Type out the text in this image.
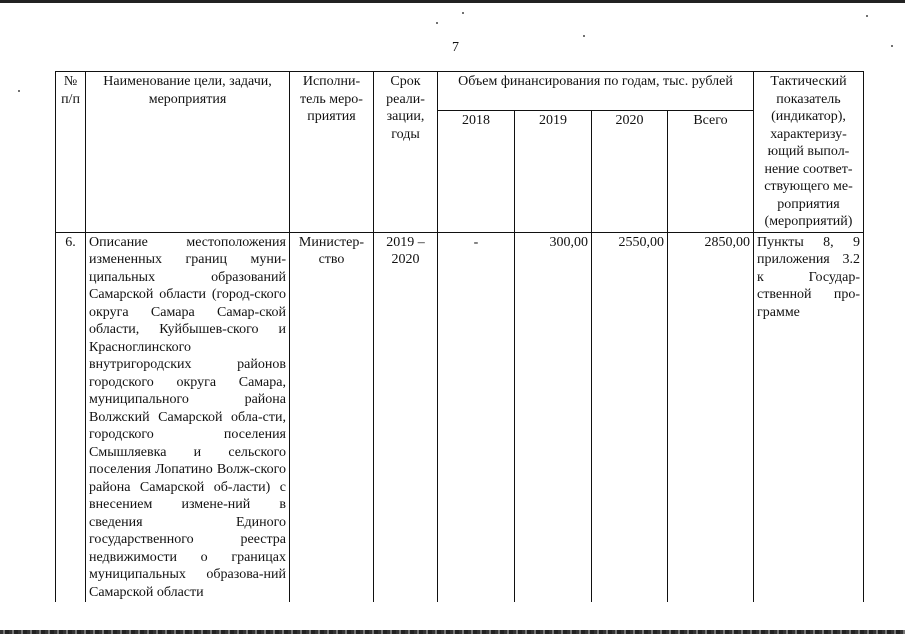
7
№ п/п	Наименование цели, задачи, мероприятия	Исполни-тель меро-приятия	Срок реали-зации, годы	Объем финансирования по годам, тыс. рублей				Тактический показатель (индикатор), характеризу-ющий выпол-нение соответ-ствующего ме-роприятия (мероприятий)
				2018	2019	2020	Всего	
6.	Описание местоположения измененных границ муни-ципальных образований Самарской области (город-ского округа Самара Самар-ской области, Куйбышев-ского и Красноглинского внутригородских районов городского округа Самара, муниципального района Волжский Самарской обла-сти, городского поселения Смышляевка и сельского поселения Лопатино Волж-ского района Самарской об-ласти) с внесением измене-ний в сведения Единого государственного реестра недвижимости о границах муниципальных образова-ний Самарской области	Министер-ство	2019 – 2020	-	300,00	2550,00	2850,00	Пункты 8, 9 приложения 3.2 к Государ-ственной про-грамме
